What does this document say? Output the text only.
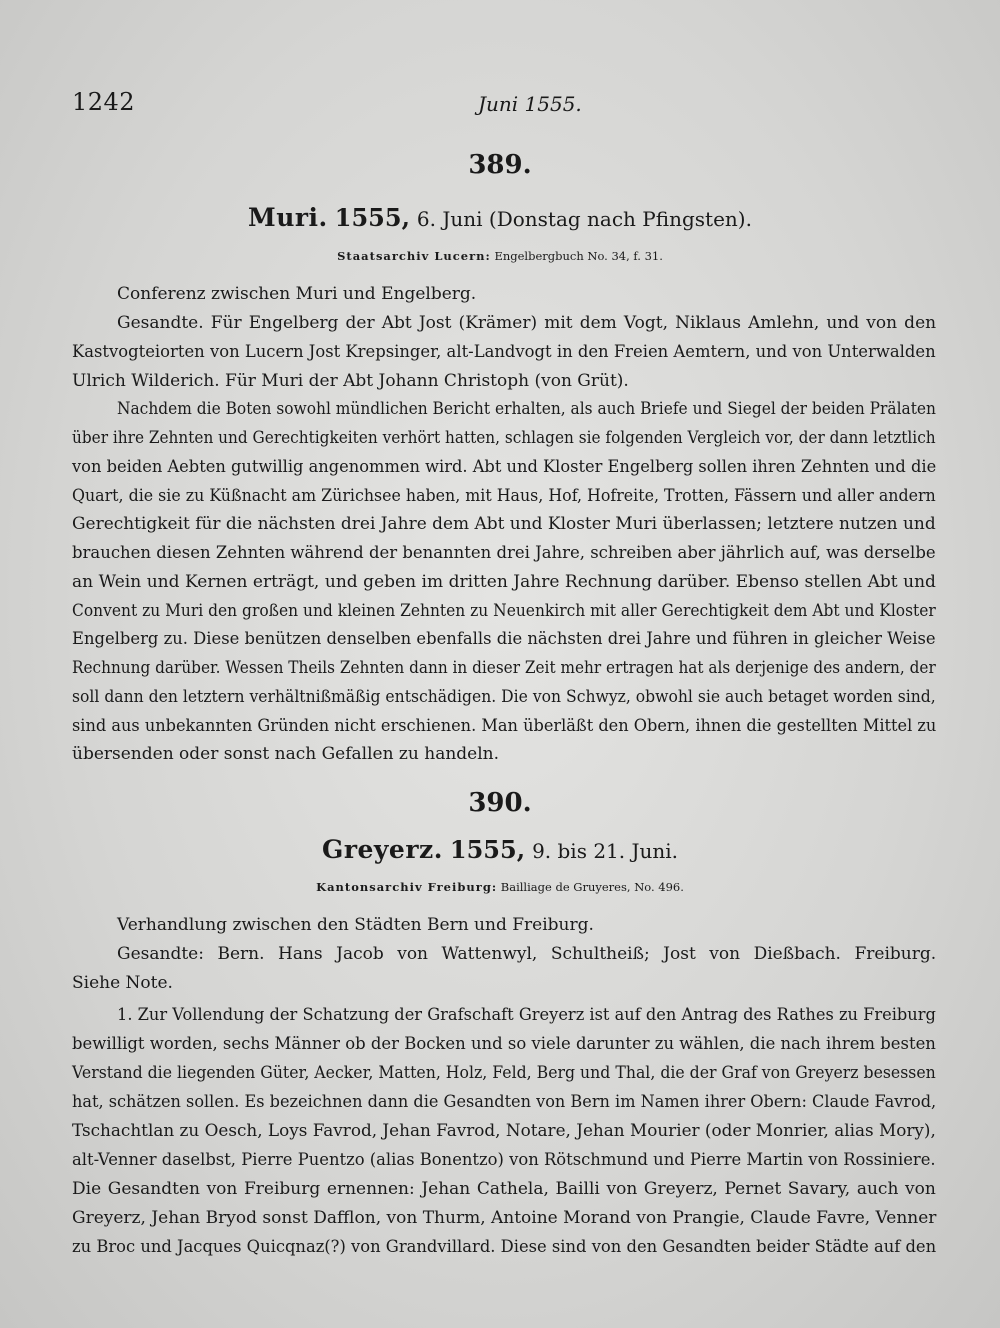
1242	Juni 1555.
389.
Muri. 1555, 6. Juni (Donstag nach Pfingsten).
Staatsarchiv Lucern: Engelbergbuch No. 34, f. 31.
390.
Greyerz. 1555, 9. bis 21. Juni.
Kantonsarchiv Freiburg: Bailliage de Gruyeres, No. 496.
Conferenz zwischen Muri und Engelberg.
Gesandte. Für Engelberg der Abt Jost (Krämer) mit dem Vogt, Niklaus Amlehn, und von den
Kastvogteiorten von Lucern Jost Krepsinger, alt-Landvogt in den Freien Aemtern, und von Unterwalden
Ulrich Wilderich. Für Muri der Abt Johann Christoph (von Grüt).
Nachdem die Boten sowohl mündlichen Bericht erhalten, als auch Briefe und Siegel der beiden Prälaten
über ihre Zehnten und Gerechtigkeiten verhört hatten, schlagen sie folgenden Vergleich vor, der dann letztlich
von beiden Aebten gutwillig angenommen wird. Abt und Kloster Engelberg sollen ihren Zehnten und die
Quart, die sie zu Küßnacht am Zürichsee haben, mit Haus, Hof, Hofreite, Trotten, Fässern und aller andern
Gerechtigkeit für die nächsten drei Jahre dem Abt und Kloster Muri überlassen; letztere nutzen und
brauchen diesen Zehnten während der benannten drei Jahre, schreiben aber jährlich auf, was derselbe
an Wein und Kernen erträgt, und geben im dritten Jahre Rechnung darüber. Ebenso stellen Abt und
Convent zu Muri den großen und kleinen Zehnten zu Neuenkirch mit aller Gerechtigkeit dem Abt und Kloster
Engelberg zu. Diese benützen denselben ebenfalls die nächsten drei Jahre und führen in gleicher Weise
Rechnung darüber. Wessen Theils Zehnten dann in dieser Zeit mehr ertragen hat als derjenige des andern, der
soll dann den letztern verhältnißmäßig entschädigen. Die von Schwyz, obwohl sie auch betaget worden sind,
sind aus unbekannten Gründen nicht erschienen. Man überläßt den Obern, ihnen die gestellten Mittel zu
übersenden oder sonst nach Gefallen zu handeln.
Verhandlung zwischen den Städten Bern und Freiburg.
Gesandte: Bern. Hans Jacob von Wattenwyl, Schultheiß; Jost von Dießbach. Freiburg.
Siehe Note.
1. Zur Vollendung der Schatzung der Grafschaft Greyerz ist auf den Antrag des Rathes zu Freiburg
bewilligt worden, sechs Männer ob der Bocken und so viele darunter zu wählen, die nach ihrem besten
Verstand die liegenden Güter, Aecker, Matten, Holz, Feld, Berg und Thal, die der Graf von Greyerz besessen
hat, schätzen sollen. Es bezeichnen dann die Gesandten von Bern im Namen ihrer Obern: Claude Favrod,
Tschachtlan zu Oesch, Loys Favrod, Jehan Favrod, Notare, Jehan Mourier (oder Monrier, alias Mory),
alt-Venner daselbst, Pierre Puentzo (alias Bonentzo) von Rötschmund und Pierre Martin von Rossiniere.
Die Gesandten von Freiburg ernennen: Jehan Cathela, Bailli von Greyerz, Pernet Savary, auch von
Greyerz, Jehan Bryod sonst Dafflon, von Thurm, Antoine Morand von Prangie, Claude Favre, Venner
zu Broc und Jacques Quicqnaz(?) von Grandvillard. Diese sind von den Gesandten beider Städte auf den
